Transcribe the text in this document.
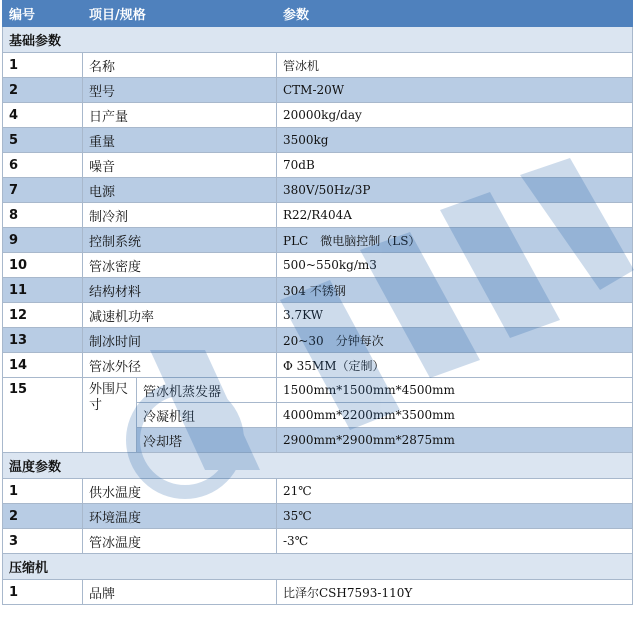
编号	项目/规格		参数
基础参数			
1	名称		管冰机
2	型号		CTM-20W
4	日产量		20000kg/day
5	重量		3500kg
6	噪音		70dB
7	电源		380V/50Hz/3P
8	制冷剂		R22/R404A
9	控制系统		PLC　微电脑控制（LS）
10	管冰密度		500~550kg/m3
11	结构材料		304 不锈钢
12	减速机功率		3.7KW
13	制冰时间		20~30　分钟每次
14	管冰外径		Φ 35MM（定制）
15	外围尺寸	管冰机蒸发器	1500mm*1500mm*4500mm
		冷凝机组	4000mm*2200mm*3500mm
		冷却塔	2900mm*2900mm*2875mm
温度参数			
1	供水温度		21℃
2	环境温度		35℃
3	管冰温度		-3℃
压缩机			
1	品牌		比泽尔CSH7593-110Y
